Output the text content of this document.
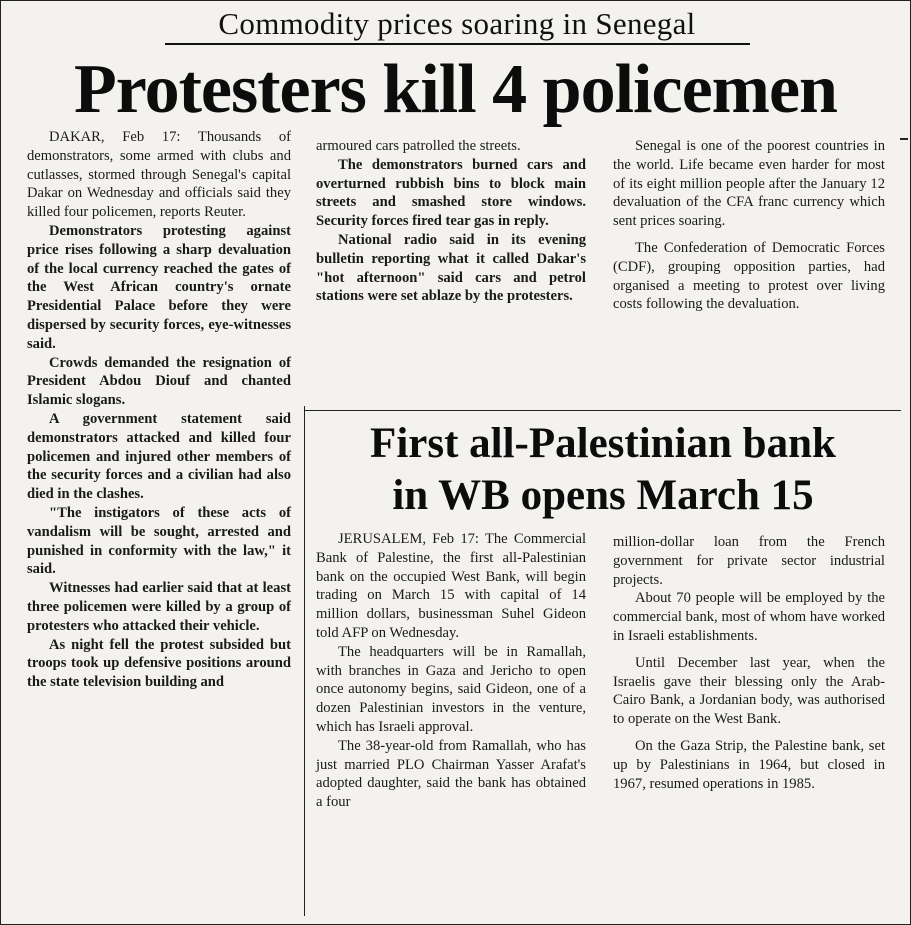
Commodity prices soaring in Senegal
Protesters kill 4 policemen

DAKAR, Feb 17: Thousands of demonstrators, some armed with clubs and cutlasses, stormed through Senegal's capital Dakar on Wednesday and officials said they killed four policemen, reports Reuter.

Demonstrators protesting against price rises following a sharp devaluation of the local currency reached the gates of the West African country's ornate Presidential Palace before they were dispersed by security forces, eye-witnesses said.

Crowds demanded the resignation of President Abdou Diouf and chanted Islamic slogans.

A government statement said demonstrators attacked and killed four policemen and injured other members of the security forces and a civilian had also died in the clashes.

"The instigators of these acts of vandalism will be sought, arrested and punished in conformity with the law," it said.

Witnesses had earlier said that at least three policemen were killed by a group of protesters who attacked their vehicle.

As night fell the protest subsided but troops took up defensive positions around the state television building and

armoured cars patrolled the streets.

The demonstrators burned cars and overturned rubbish bins to block main streets and smashed store windows. Security forces fired tear gas in reply.

National radio said in its evening bulletin reporting what it called Dakar's "hot afternoon" said cars and petrol stations were set ablaze by the protesters.

Senegal is one of the poorest countries in the world. Life became even harder for most of its eight million people after the January 12 devaluation of the CFA franc currency which sent prices soaring.

The Confederation of Democratic Forces (CDF), grouping opposition parties, had organised a meeting to protest over living costs following the devaluation.

First all-Palestinian bank
in WB opens March 15

JERUSALEM, Feb 17: The Commercial Bank of Palestine, the first all-Palestinian bank on the occupied West Bank, will begin trading on March 15 with capital of 14 million dollars, businessman Suhel Gideon told AFP on Wednesday.

The headquarters will be in Ramallah, with branches in Gaza and Jericho to open once autonomy begins, said Gideon, one of a dozen Palestinian investors in the venture, which has Israeli approval.

The 38-year-old from Ramallah, who has just married PLO Chairman Yasser Arafat's adopted daughter, said the bank has obtained a four

million-dollar loan from the French government for private sector industrial projects.

About 70 people will be employed by the commercial bank, most of whom have worked in Israeli establishments.

Until December last year, when the Israelis gave their blessing only the Arab-Cairo Bank, a Jordanian body, was authorised to operate on the West Bank.

On the Gaza Strip, the Palestine bank, set up by Palestinians in 1964, but closed in 1967, resumed operations in 1985.
